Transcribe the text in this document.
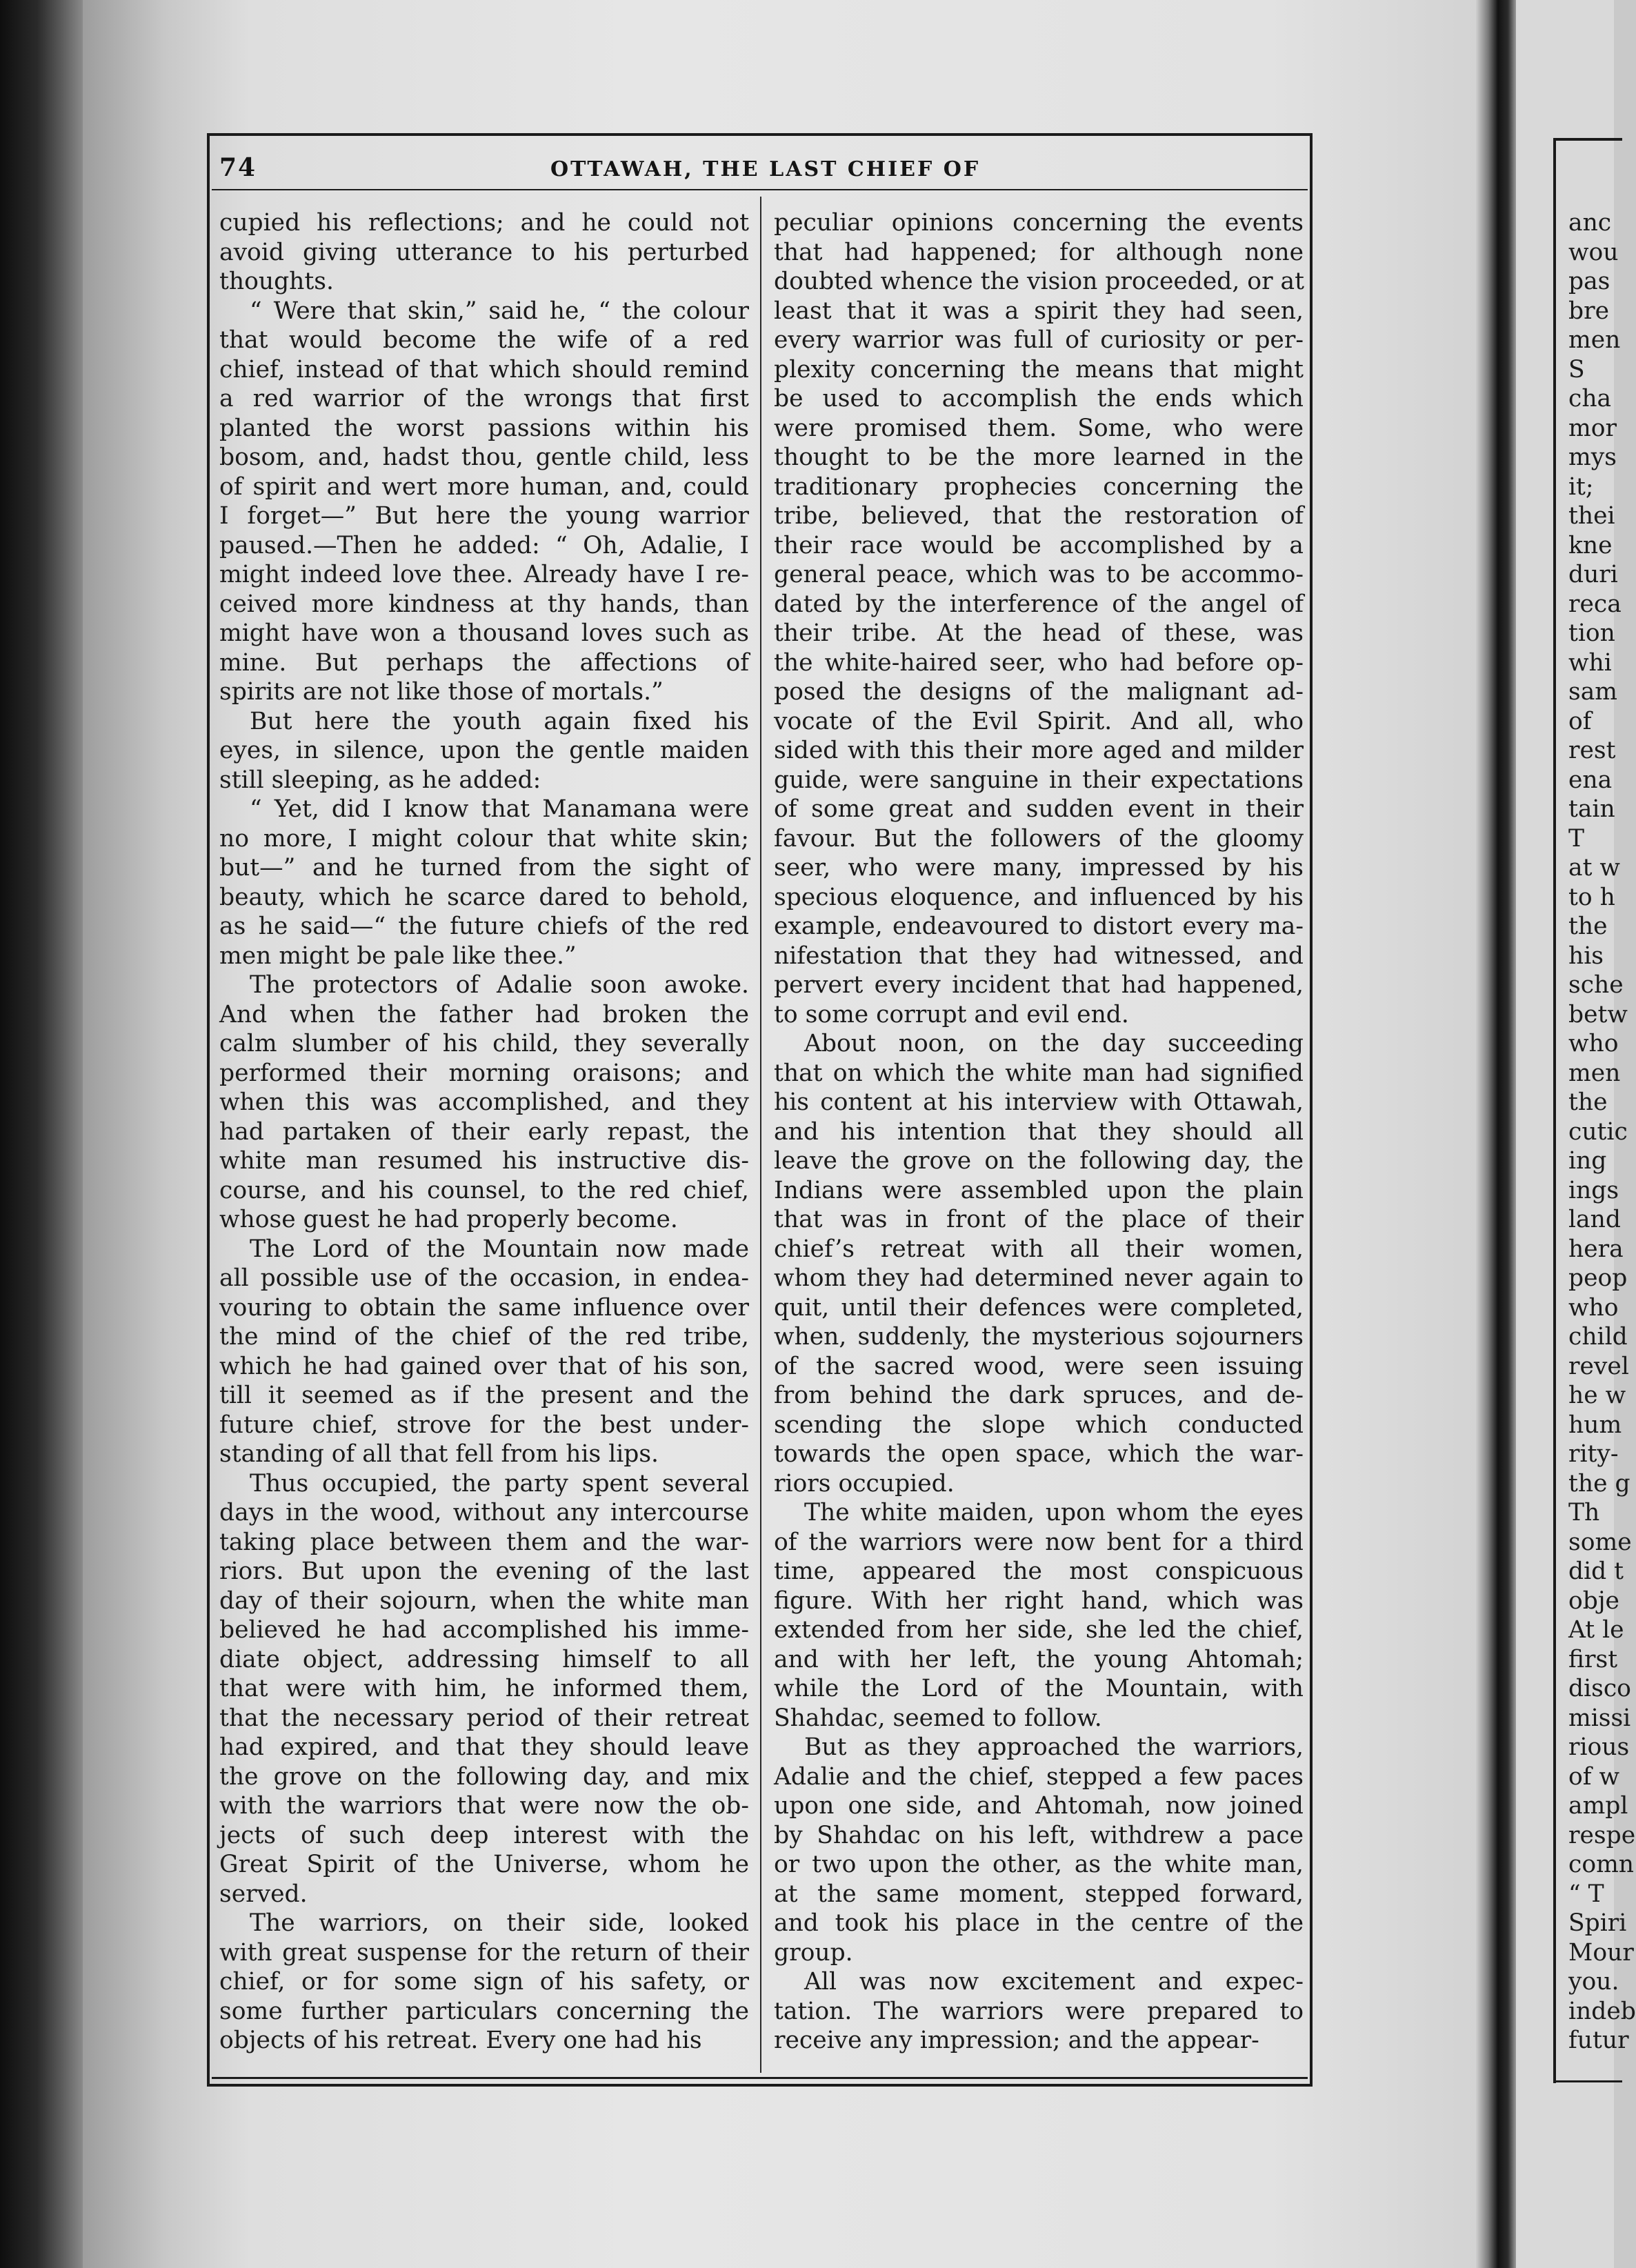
74	OTTAWAH, THE LAST CHIEF OF
cupied his reflections; and he could not
avoid giving utterance to his perturbed
thoughts.
“ Were that skin,” said he, “ the colour
that would become the wife of a red
chief, instead of that which should remind
a red warrior of the wrongs that first
planted the worst passions within his
bosom, and, hadst thou, gentle child, less
of spirit and wert more human, and, could
I forget—” But here the young warrior
paused.—Then he added: “ Oh, Adalie, I
might indeed love thee. Already have I re-
ceived more kindness at thy hands, than
might have won a thousand loves such as
mine. But perhaps the affections of
spirits are not like those of mortals.”
But here the youth again fixed his
eyes, in silence, upon the gentle maiden
still sleeping, as he added:
“ Yet, did I know that Manamana were
no more, I might colour that white skin;
but—” and he turned from the sight of
beauty, which he scarce dared to behold,
as he said—“ the future chiefs of the red
men might be pale like thee.”
The protectors of Adalie soon awoke.
And when the father had broken the
calm slumber of his child, they severally
performed their morning oraisons; and
when this was accomplished, and they
had partaken of their early repast, the
white man resumed his instructive dis-
course, and his counsel, to the red chief,
whose guest he had properly become.
The Lord of the Mountain now made
all possible use of the occasion, in endea-
vouring to obtain the same influence over
the mind of the chief of the red tribe,
which he had gained over that of his son,
till it seemed as if the present and the
future chief, strove for the best under-
standing of all that fell from his lips.
Thus occupied, the party spent several
days in the wood, without any intercourse
taking place between them and the war-
riors. But upon the evening of the last
day of their sojourn, when the white man
believed he had accomplished his imme-
diate object, addressing himself to all
that were with him, he informed them,
that the necessary period of their retreat
had expired, and that they should leave
the grove on the following day, and mix
with the warriors that were now the ob-
jects of such deep interest with the
Great Spirit of the Universe, whom he
served.
The warriors, on their side, looked
with great suspense for the return of their
chief, or for some sign of his safety, or
some further particulars concerning the
objects of his retreat. Every one had his
peculiar opinions concerning the events
that had happened; for although none
doubted whence the vision proceeded, or at
least that it was a spirit they had seen,
every warrior was full of curiosity or per-
plexity concerning the means that might
be used to accomplish the ends which
were promised them. Some, who were
thought to be the more learned in the
traditionary prophecies concerning the
tribe, believed, that the restoration of
their race would be accomplished by a
general peace, which was to be accommo-
dated by the interference of the angel of
their tribe. At the head of these, was
the white-haired seer, who had before op-
posed the designs of the malignant ad-
vocate of the Evil Spirit. And all, who
sided with this their more aged and milder
guide, were sanguine in their expectations
of some great and sudden event in their
favour. But the followers of the gloomy
seer, who were many, impressed by his
specious eloquence, and influenced by his
example, endeavoured to distort every ma-
nifestation that they had witnessed, and
pervert every incident that had happened,
to some corrupt and evil end.
About noon, on the day succeeding
that on which the white man had signified
his content at his interview with Ottawah,
and his intention that they should all
leave the grove on the following day, the
Indians were assembled upon the plain
that was in front of the place of their
chief’s retreat with all their women,
whom they had determined never again to
quit, until their defences were completed,
when, suddenly, the mysterious sojourners
of the sacred wood, were seen issuing
from behind the dark spruces, and de-
scending the slope which conducted
towards the open space, which the war-
riors occupied.
The white maiden, upon whom the eyes
of the warriors were now bent for a third
time, appeared the most conspicuous
figure. With her right hand, which was
extended from her side, she led the chief,
and with her left, the young Ahtomah;
while the Lord of the Mountain, with
Shahdac, seemed to follow.
But as they approached the warriors,
Adalie and the chief, stepped a few paces
upon one side, and Ahtomah, now joined
by Shahdac on his left, withdrew a pace
or two upon the other, as the white man,
at the same moment, stepped forward,
and took his place in the centre of the
group.
All was now excitement and expec-
tation. The warriors were prepared to
receive any impression; and the appear-
anc
wou
pas
bre
men
S
cha
mor
mys
it;
thei
kne
duri
reca
tion
whi
sam
of
rest
ena
tain
T
at w
to h
the
his
sche
betw
who
men
the
cutic
ing
ings
land
hera
peop
who
child
revel
he w
hum
rity-
the g
Th
some
did t
obje
At le
first
disco
missi
rious
of w
ampl
respe
comn
“ T
Spiri
Mour
you.
indeb
futur
